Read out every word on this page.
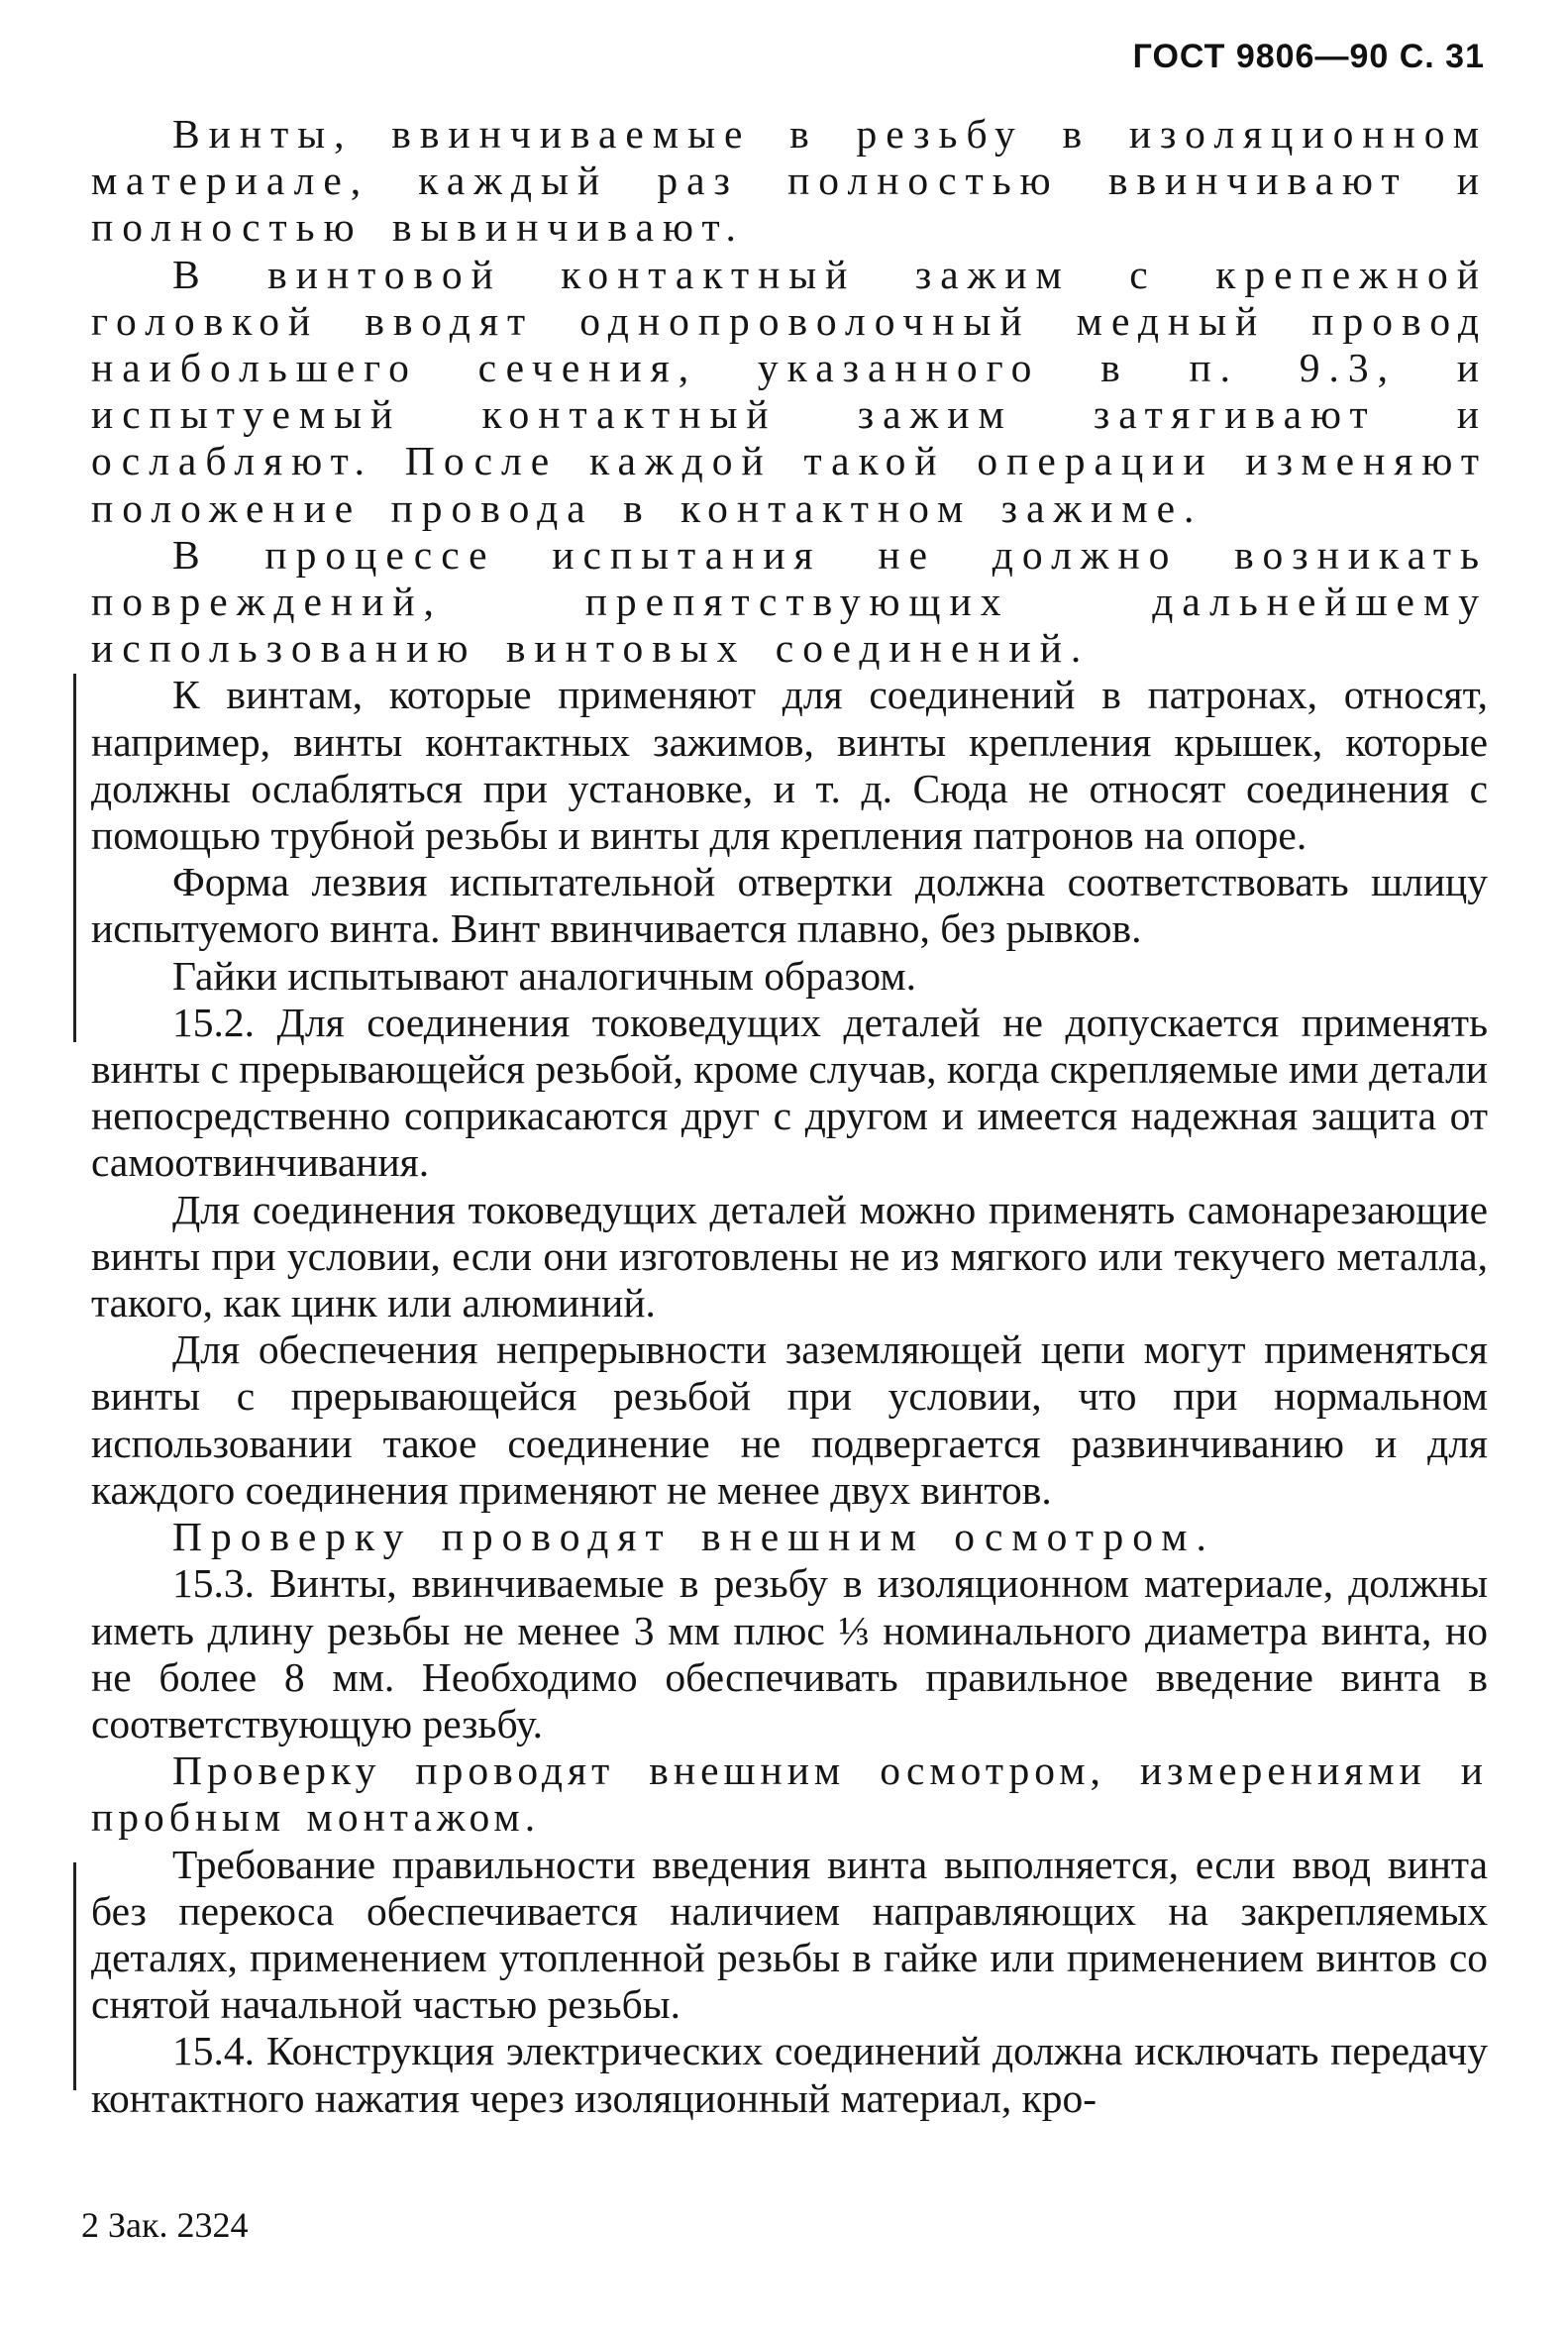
ГОСТ 9806—90 С. 31

Винты, ввинчиваемые в резьбу в изоляционном материале, каждый раз полностью ввинчивают и полностью вывинчивают.

В винтовой контактный зажим с крепежной головкой вводят однопроволочный медный провод наибольшего сечения, указанного в п. 9.3, и испытуемый контактный зажим затягивают и ослабляют. После каждой такой операции изменяют положение провода в контактном зажиме.

В процессе испытания не должно возникать повреждений, препятствующих дальнейшему использованию винтовых соединений.

К винтам, которые применяют для соединений в патронах, относят, например, винты контактных зажимов, винты крепления крышек, которые должны ослабляться при установке, и т. д. Сюда не относят соединения с помощью трубной резьбы и винты для крепления патронов на опоре.

Форма лезвия испытательной отвертки должна соответствовать шлицу испытуемого винта. Винт ввинчивается плавно, без рывков.

Гайки испытывают аналогичным образом.

15.2. Для соединения токоведущих деталей не допускается применять винты с прерывающейся резьбой, кроме случав, когда скрепляемые ими детали непосредственно соприкасаются друг с другом и имеется надежная защита от самоотвинчивания.

Для соединения токоведущих деталей можно применять самонарезающие винты при условии, если они изготовлены не из мягкого или текучего металла, такого, как цинк или алюминий.

Для обеспечения непрерывности заземляющей цепи могут применяться винты с прерывающейся резьбой при условии, что при нормальном использовании такое соединение не подвергается развинчиванию и для каждого соединения применяют не менее двух винтов.

Проверку проводят внешним осмотром.

15.3. Винты, ввинчиваемые в резьбу в изоляционном материале, должны иметь длину резьбы не менее 3 мм плюс ⅓ номинального диаметра винта, но не более 8 мм. Необходимо обеспечивать правильное введение винта в соответствующую резьбу.

Проверку проводят внешним осмотром, измерениями и пробным монтажом.

Требование правильности введения винта выполняется, если ввод винта без перекоса обеспечивается наличием направляющих на закрепляемых деталях, применением утопленной резьбы в гайке или применением винтов со снятой начальной частью резьбы.

15.4. Конструкция электрических соединений должна исключать передачу контактного нажатия через изоляционный материал, кро-

2 Зак. 2324
